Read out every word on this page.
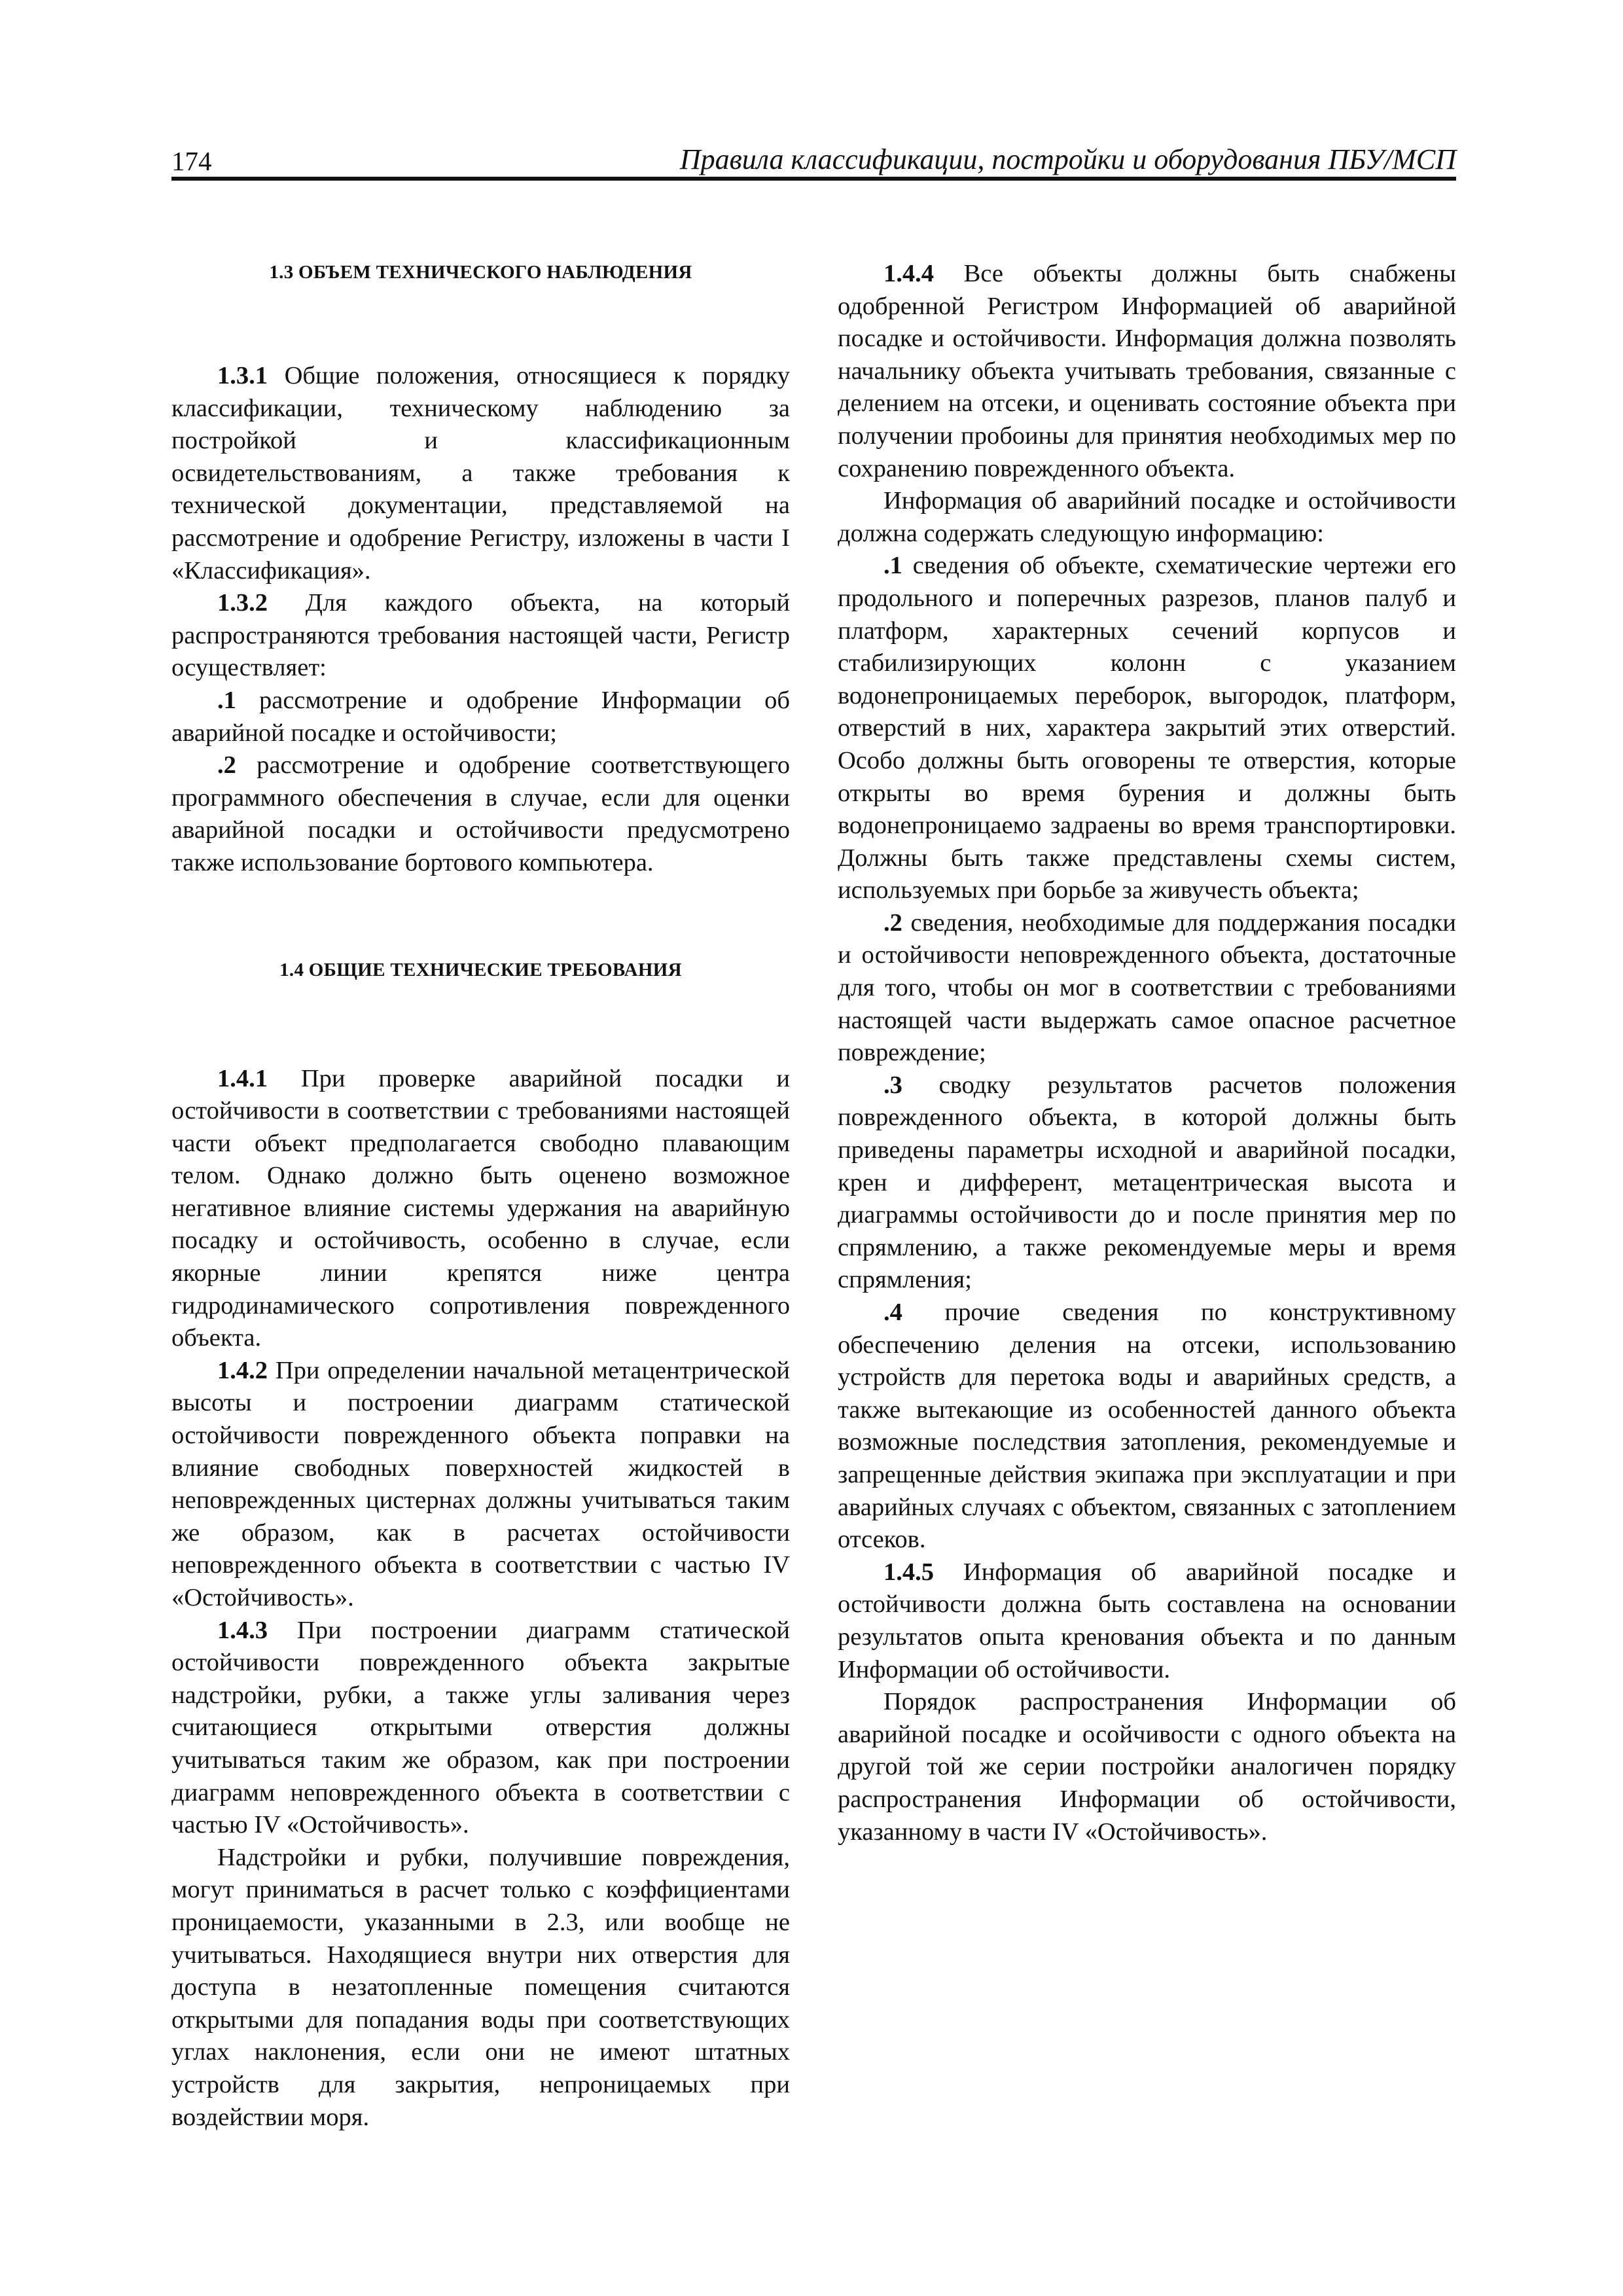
174	Правила классификации, постройки и оборудования ПБУ/МСП
1.3 ОБЪЕМ ТЕХНИЧЕСКОГО НАБЛЮДЕНИЯ

1.3.1 Общие положения, относящиеся к порядку классификации, техническому наблюдению за постройкой и классификационным освидетельствованиям, а также требования к технической документации, представляемой на рассмотрение и одобрение Регистру, изложены в части I «Классификация».

1.3.2 Для каждого объекта, на который распространяются требования настоящей части, Регистр осуществляет:

.1 рассмотрение и одобрение Информации об аварийной посадке и остойчивости;

.2 рассмотрение и одобрение соответствующего программного обеспечения в случае, если для оценки аварийной посадки и остойчивости предусмотрено также использование бортового компьютера.

1.4 ОБЩИЕ ТЕХНИЧЕСКИЕ ТРЕБОВАНИЯ

1.4.1 При проверке аварийной посадки и остойчивости в соответствии с требованиями настоящей части объект предполагается свободно плавающим телом. Однако должно быть оценено возможное негативное влияние системы удержания на аварийную посадку и остойчивость, особенно в случае, если якорные линии крепятся ниже центра гидродинамического сопротивления поврежденного объекта.

1.4.2 При определении начальной метацентрической высоты и построении диаграмм статической остойчивости поврежденного объекта поправки на влияние свободных поверхностей жидкостей в неповрежденных цистернах должны учитываться таким же образом, как в расчетах остойчивости неповрежденного объекта в соответствии с частью IV «Остойчивость».

1.4.3 При построении диаграмм статической остойчивости поврежденного объекта закрытые надстройки, рубки, а также углы заливания через считающиеся открытыми отверстия должны учитываться таким же образом, как при построении диаграмм неповрежденного объекта в соответствии с частью IV «Остойчивость».

Надстройки и рубки, получившие повреждения, могут приниматься в расчет только с коэффициентами проницаемости, указанными в 2.3, или вообще не учитываться. Находящиеся внутри них отверстия для доступа в незатопленные помещения считаются открытыми для попадания воды при соответствующих углах наклонения, если они не имеют штатных устройств для закрытия, непроницаемых при воздействии моря.

1.4.4 Все объекты должны быть снабжены одобренной Регистром Информацией об аварийной посадке и остойчивости. Информация должна позволять начальнику объекта учитывать требования, связанные с делением на отсеки, и оценивать состояние объекта при получении пробоины для принятия необходимых мер по сохранению поврежденного объекта.

Информация об аварийний посадке и остойчивости должна содержать следующую информацию:

.1 сведения об объекте, схематические чертежи его продольного и поперечных разрезов, планов палуб и платформ, характерных сечений корпусов и стабилизирующих колонн с указанием водонепроницаемых переборок, выгородок, платформ, отверстий в них, характера закрытий этих отверстий. Особо должны быть оговорены те отверстия, которые открыты во время бурения и должны быть водонепроницаемо задраены во время транспортировки. Должны быть также представлены схемы систем, используемых при борьбе за живучесть объекта;

.2 сведения, необходимые для поддержания посадки и остойчивости неповрежденного объекта, достаточные для того, чтобы он мог в соответствии с требованиями настоящей части выдержать самое опасное расчетное повреждение;

.3 сводку результатов расчетов положения поврежденного объекта, в которой должны быть приведены параметры исходной и аварийной посадки, крен и дифферент, метацентрическая высота и диаграммы остойчивости до и после принятия мер по спрямлению, а также рекомендуемые меры и время спрямления;

.4 прочие сведения по конструктивному обеспечению деления на отсеки, использованию устройств для перетока воды и аварийных средств, а также вытекающие из особенностей данного объекта возможные последствия затопления, рекомендуемые и запрещенные действия экипажа при эксплуатации и при аварийных случаях с объектом, связанных с затоплением отсеков.

1.4.5 Информация об аварийной посадке и остойчивости должна быть составлена на основании результатов опыта кренования объекта и по данным Информации об остойчивости.

Порядок распространения Информации об аварийной посадке и осойчивости с одного объекта на другой той же серии постройки аналогичен порядку распространения Информации об остойчивости, указанному в части IV «Остойчивость».
